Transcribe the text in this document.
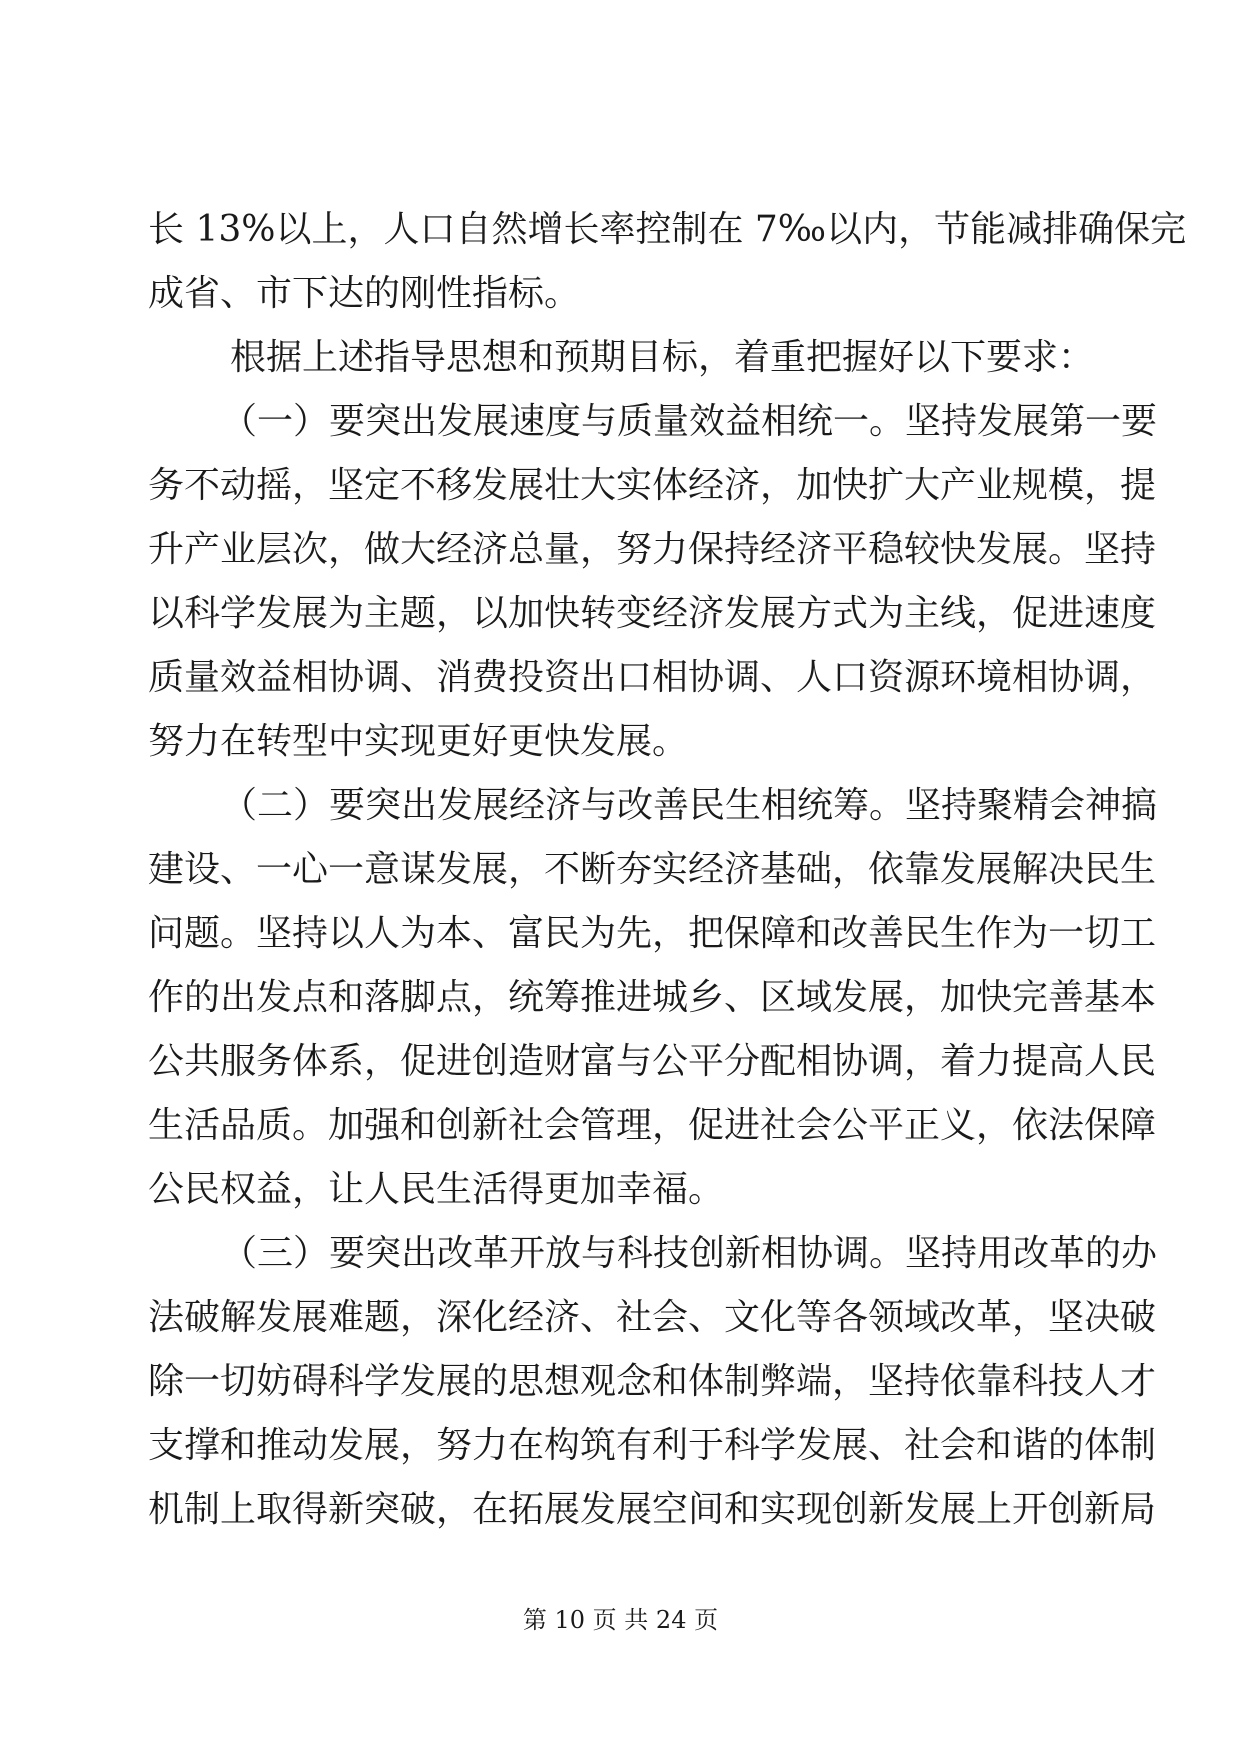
长 13%以上，人口自然增长率控制在 7‰以内，节能减排确保完
成省、市下达的刚性指标。
根据上述指导思想和预期目标，着重把握好以下要求：
（一）要突出发展速度与质量效益相统一。坚持发展第一要
务不动摇，坚定不移发展壮大实体经济，加快扩大产业规模，提
升产业层次，做大经济总量，努力保持经济平稳较快发展。坚持
以科学发展为主题，以加快转变经济发展方式为主线，促进速度
质量效益相协调、消费投资出口相协调、人口资源环境相协调，
努力在转型中实现更好更快发展。
（二）要突出发展经济与改善民生相统筹。坚持聚精会神搞
建设、一心一意谋发展，不断夯实经济基础，依靠发展解决民生
问题。坚持以人为本、富民为先，把保障和改善民生作为一切工
作的出发点和落脚点，统筹推进城乡、区域发展，加快完善基本
公共服务体系，促进创造财富与公平分配相协调，着力提高人民
生活品质。加强和创新社会管理，促进社会公平正义，依法保障
公民权益，让人民生活得更加幸福。
（三）要突出改革开放与科技创新相协调。坚持用改革的办
法破解发展难题，深化经济、社会、文化等各领域改革，坚决破
除一切妨碍科学发展的思想观念和体制弊端，坚持依靠科技人才
支撑和推动发展，努力在构筑有利于科学发展、社会和谐的体制
机制上取得新突破，在拓展发展空间和实现创新发展上开创新局
第 10 页 共 24 页
